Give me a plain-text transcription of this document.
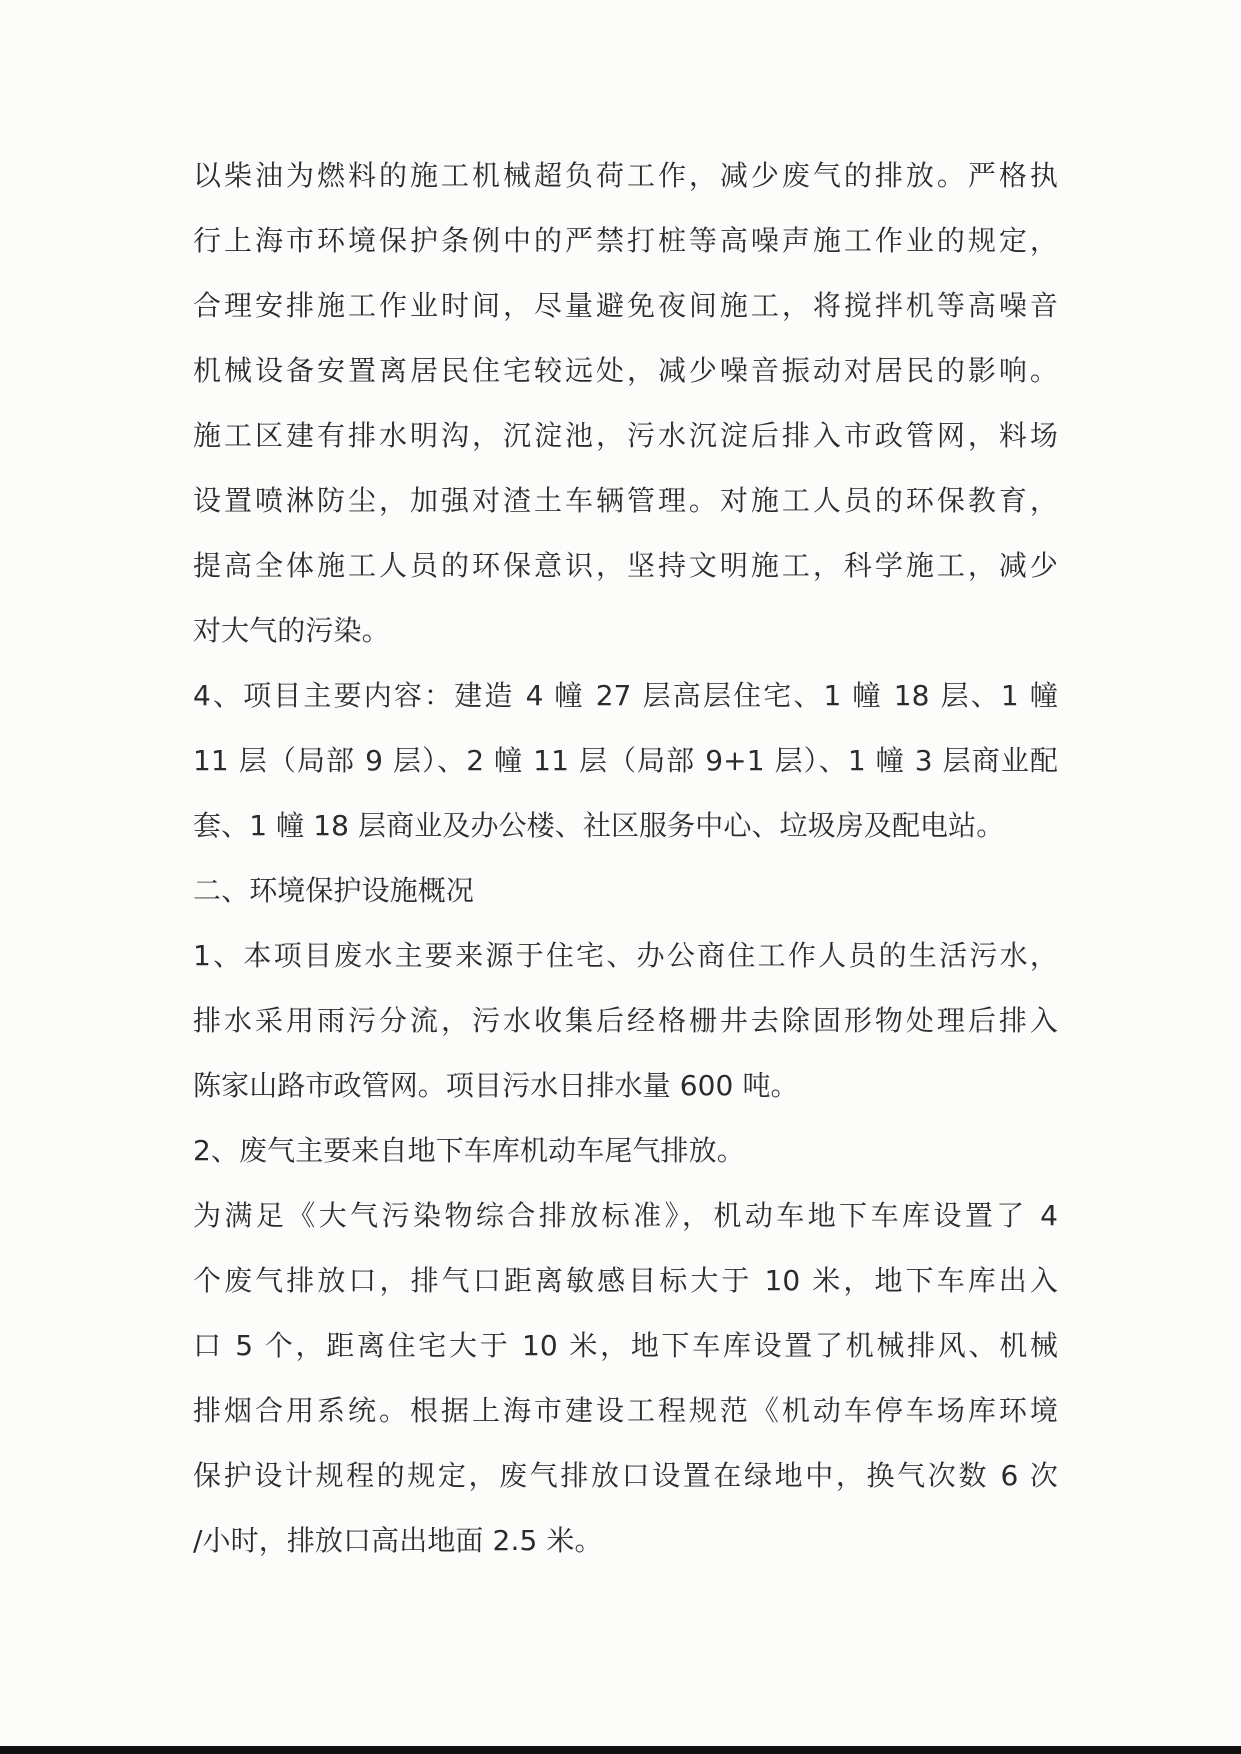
以柴油为燃料的施工机械超负荷工作，减少废气的排放。严格执
行上海市环境保护条例中的严禁打桩等高噪声施工作业的规定，
合理安排施工作业时间，尽量避免夜间施工，将搅拌机等高噪音
机械设备安置离居民住宅较远处，减少噪音振动对居民的影响。
施工区建有排水明沟，沉淀池，污水沉淀后排入市政管网，料场
设置喷淋防尘，加强对渣土车辆管理。对施工人员的环保教育，
提高全体施工人员的环保意识，坚持文明施工，科学施工，减少
对大气的污染。
4、项目主要内容：建造 4 幢 27 层高层住宅、1 幢 18 层、1 幢
11 层（局部 9 层）、2 幢 11 层（局部 9+1 层）、1 幢 3 层商业配
套、1 幢 18 层商业及办公楼、社区服务中心、垃圾房及配电站。
二、环境保护设施概况
1、本项目废水主要来源于住宅、办公商住工作人员的生活污水，
排水采用雨污分流，污水收集后经格栅井去除固形物处理后排入
陈家山路市政管网。项目污水日排水量 600 吨。
2、废气主要来自地下车库机动车尾气排放。
为满足《大气污染物综合排放标准》，机动车地下车库设置了 4
个废气排放口，排气口距离敏感目标大于 10 米，地下车库出入
口 5 个，距离住宅大于 10 米，地下车库设置了机械排风、机械
排烟合用系统。根据上海市建设工程规范《机动车停车场库环境
保护设计规程的规定，废气排放口设置在绿地中，换气次数 6 次
/小时，排放口高出地面 2.5 米。
